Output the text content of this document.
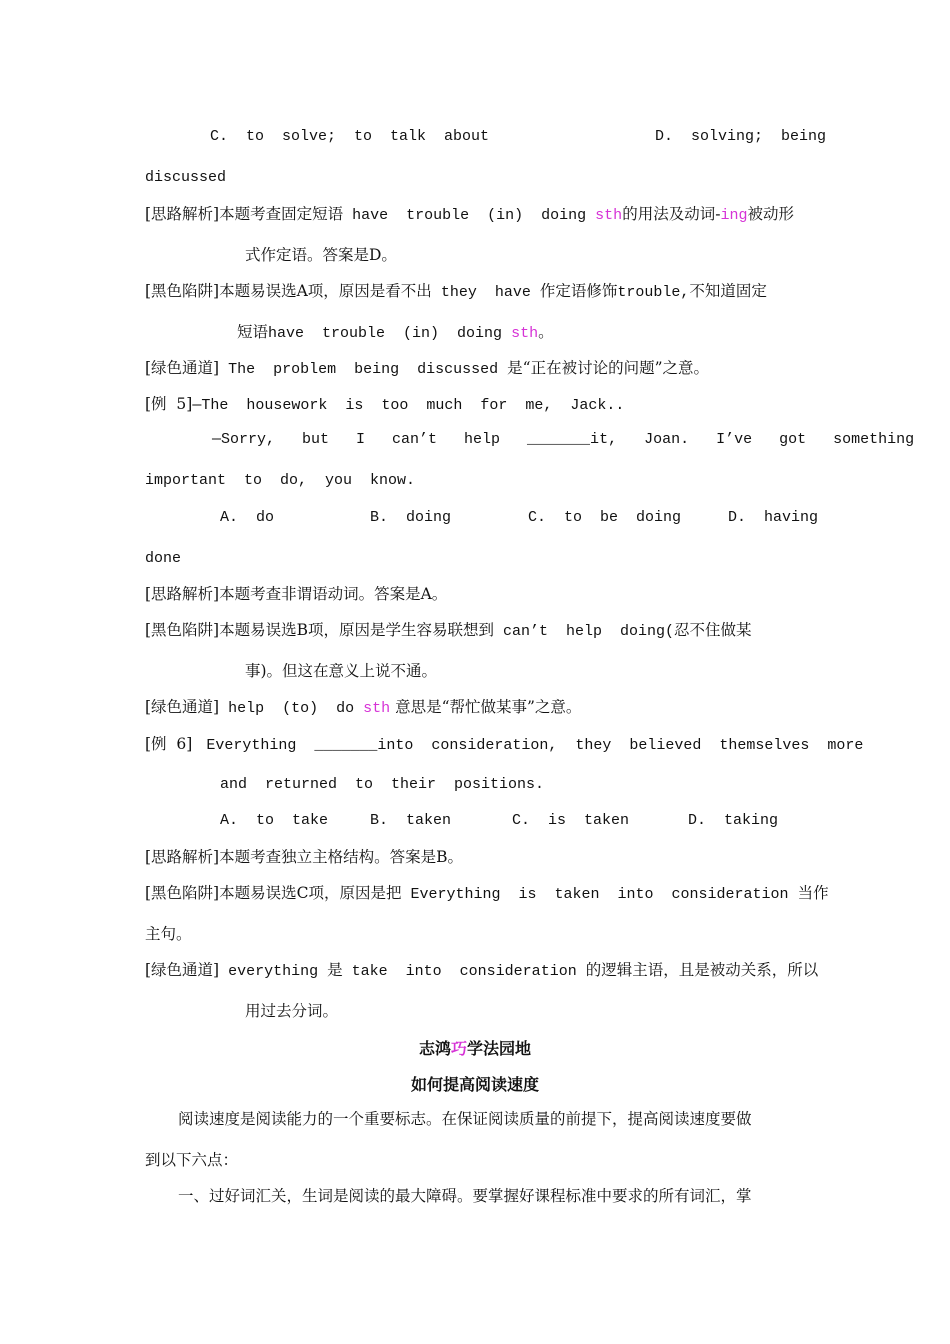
C.  to  solve;  to  talk  about	D.  solving;  being
discussed
[思路解析]本题考查固定短语 have  trouble  (in)  doing sth的用法及动词-ing被动形
式作定语。答案是D。
[黑色陷阱]本题易误选A项，原因是看不出 they  have 作定语修饰trouble,不知道固定
短语have  trouble  (in)  doing sth。
[绿色通道] The  problem  being  discussed 是“正在被讨论的问题”之意。
[例  5]—The  housework  is  too  much  for  me,  Jack..
—Sorry,   but   I   can’t   help   _______it,   Joan.   I’ve   got   something
important  to  do,  you  know.
A.  do	B.  doing	C.  to  be  doing	D.  having
done
[思路解析]本题考查非谓语动词。答案是A。
[黑色陷阱]本题易误选B项，原因是学生容易联想到 can’t  help  doing(忍不住做某
事)。但这在意义上说不通。
[绿色通道] help  (to)  do sth 意思是“帮忙做某事”之意。
[例  6] Everything  _______into  consideration,  they  believed  themselves  more
and  returned  to  their  positions.
A.  to  take	B.  taken	C.  is  taken	D.  taking
[思路解析]本题考查独立主格结构。答案是B。
[黑色陷阱]本题易误选C项，原因是把 Everything  is  taken  into  consideration 当作
主句。
[绿色通道] everything 是 take  into  consideration 的逻辑主语，且是被动关系，所以
用过去分词。
志鸿巧学法园地
如何提高阅读速度
阅读速度是阅读能力的一个重要标志。在保证阅读质量的前提下，提高阅读速度要做
到以下六点：
一、过好词汇关，生词是阅读的最大障碍。要掌握好课程标准中要求的所有词汇，掌
